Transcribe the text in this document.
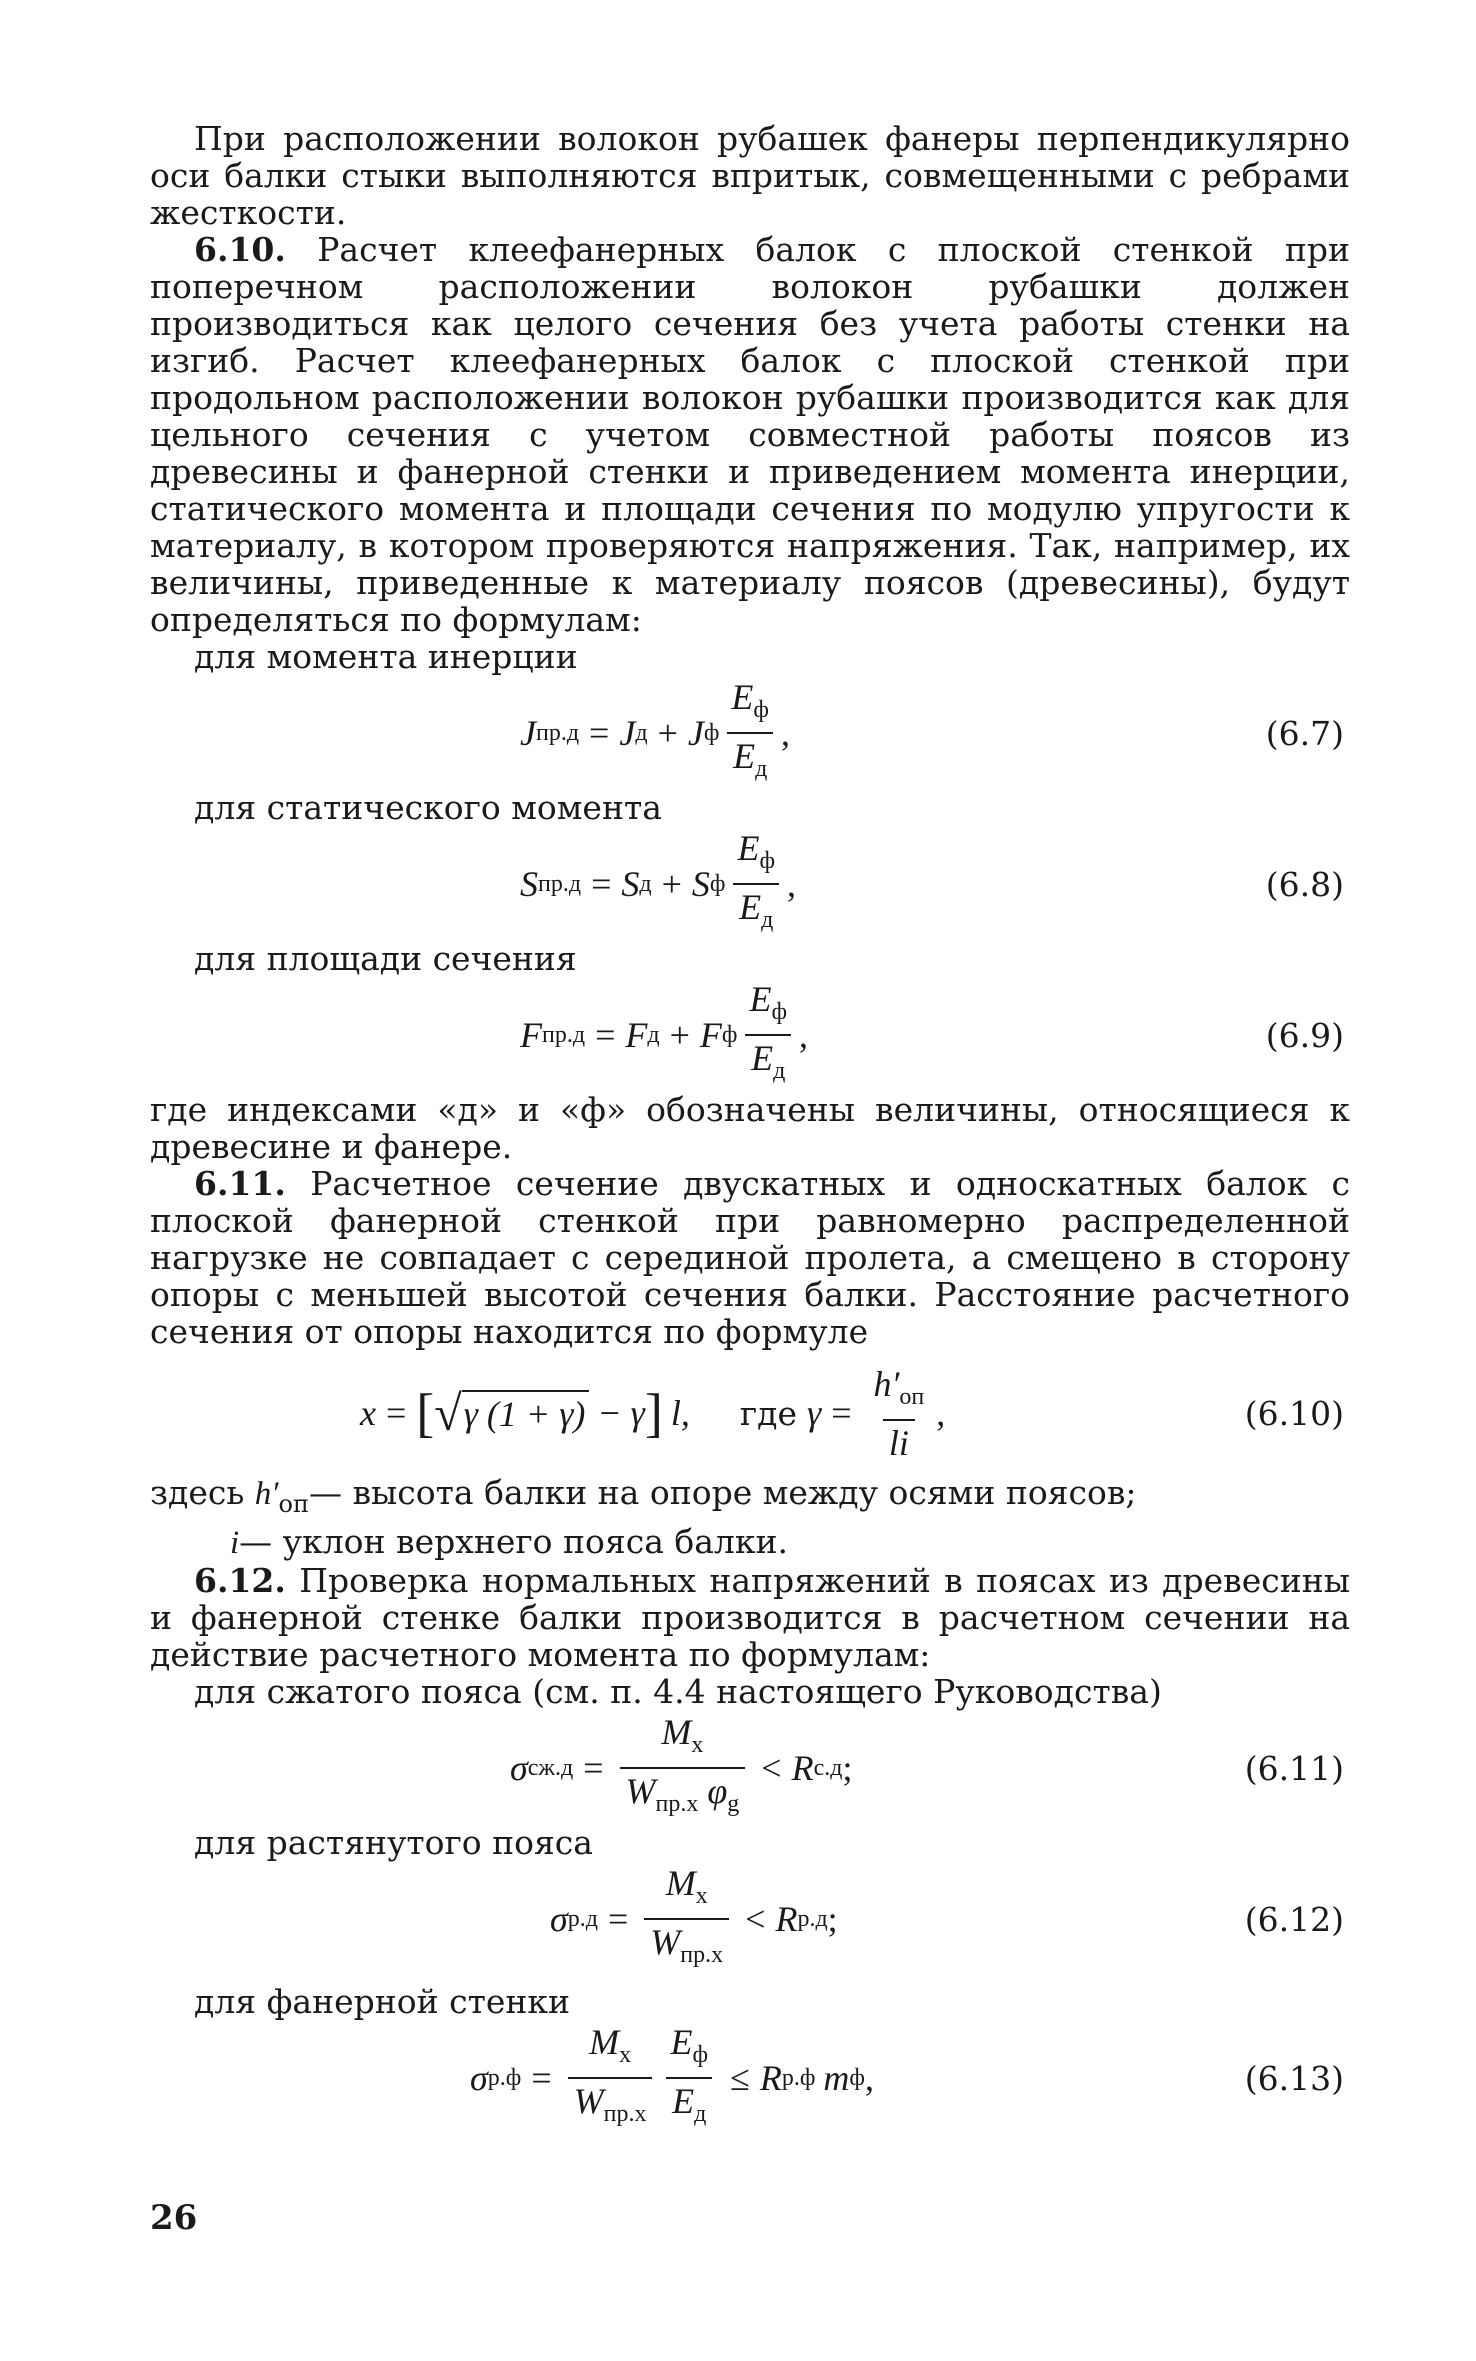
При расположении волокон рубашек фанеры перпендикулярно оси балки стыки выполняются впритык, совмещенными с ребрами жесткости.

6.10. Расчет клеефанерных балок с плоской стенкой при поперечном расположении волокон рубашки должен производиться как целого сечения без учета работы стенки на изгиб. Расчет клеефанерных балок с плоской стенкой при продольном расположении волокон рубашки производится как для цельного сечения с учетом совместной работы поясов из древесины и фанерной стенки и приведением момента инерции, статического момента и площади сечения по модулю упругости к материалу, в котором проверяются напряжения. Так, например, их величины, приведенные к материалу поясов (древесины), будут определяться по формулам:

для момента инерции

J пр.д = J д + J ф $\frac{E_ф}{E_д}$ ,	(6.7)

для статического момента

S пр.д = S д + S ф $\frac{E_ф}{E_д}$ ,	(6.8)

для площади сечения

F пр.д = F д + F ф $\frac{E_ф}{E_д}$ ,	(6.9)

где индексами «д» и «ф» обозначены величины, относящиеся к древесине и фанере.

6.11. Расчетное сечение двускатных и односкатных балок с плоской фанерной стенкой при равномерно распределенной нагрузке не совпадает с серединой пролета, а смещено в сторону опоры с меньшей высотой сечения балки. Расстояние расчетного сечения от опоры находится по формуле

x = [ √ γ (1 + γ) − γ ] l, где $\gamma = \frac{h'_{оп}}{li}$ ,	(6.10)

здесь $h'_{оп}—$ высота балки на опоре между осями поясов;

i— уклон верхнего пояса балки.

6.12. Проверка нормальных напряжений в поясах из древесины и фанерной стенке балки производится в расчетном сечении на действие расчетного момента по формулам:

для сжатого пояса (см. п. 4.4 настоящего Руководства)

σ $сж.д = \frac{M_x}{W_{пр.x} \varphi_g} < R$ с.д ;	(6.11)

для растянутого пояса

σ $р.д = \frac{M_x}{W_{пр.x}} < R$ р.д ;	(6.12)

для фанерной стенки

σ $р.ф = \frac{M_x}{W_{пр.x}} \frac{E_ф}{E_д} \le R$ р.ф m ф ,	(6.13)
26
